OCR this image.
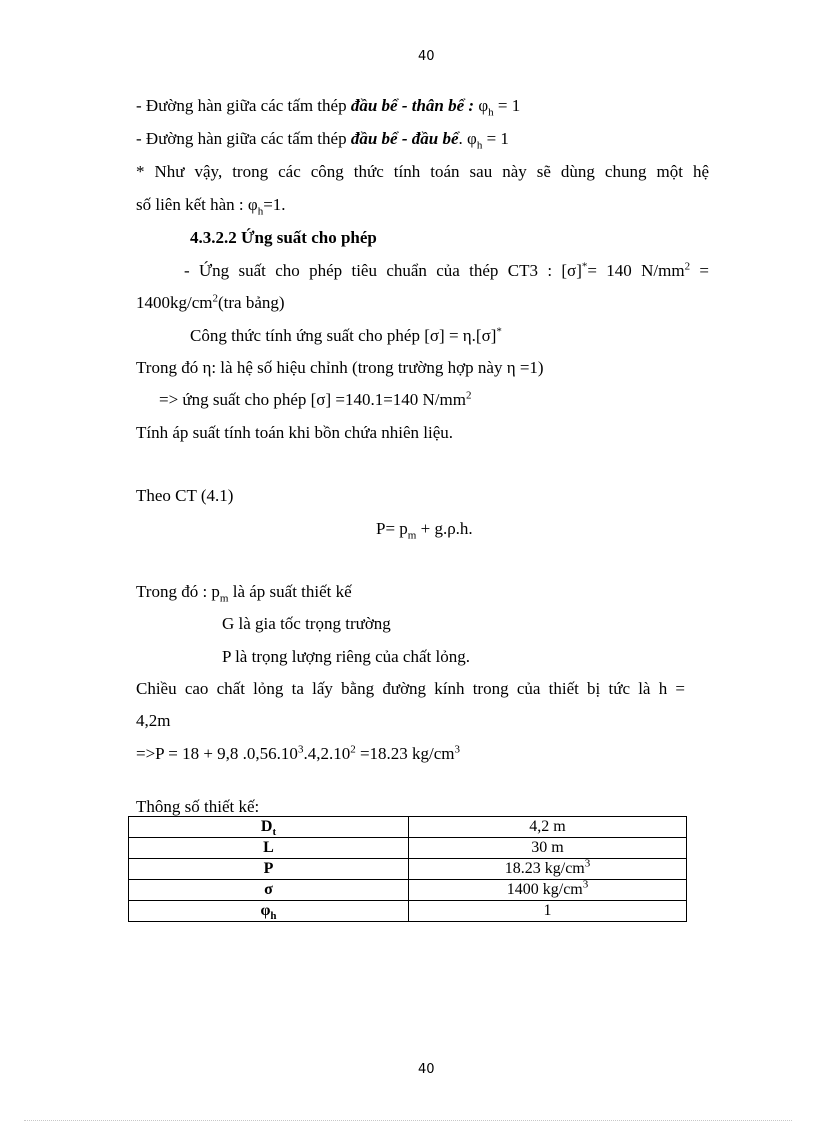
40
- Đường hàn giữa các tấm thép đầu bể - thân bể : $\varphi_h = 1$
- Đường hàn giữa các tấm thép đầu bể - đầu bể. $\varphi_h = 1$
* Như vậy, trong các công thức tính toán sau này sẽ dùng chung một hệ
số liên kết hàn : $\varphi_h=1$.
4.3.2.2 Ứng suất cho phép
- Ứng suất cho phép tiêu chuẩn của thép CT3 : [σ]*= 140 $N/mm^2$ =
$1400kg/cm^2(tra$ bảng)
Công thức tính ứng suất cho phép [σ] = η.[σ]*
Trong đó η: là hệ số hiệu chỉnh (trong trường hợp này η =1)
=> ứng suất cho phép [σ] =140.1=140 $N/mm^2$
Tính áp suất tính toán khi bồn chứa nhiên liệu.
Theo CT (4.1)
$P= p_m + g.\rho.h$.
Trong đó : $p_m$ là áp suất thiết kế
G là gia tốc trọng trường
P là trọng lượng riêng của chất lỏng.
Chiều cao chất lỏng ta lấy bằng đường kính trong của thiết bị tức là h =
4,2m
=>P = 18 + 9,8 $.0,56.10^3.4,2.10^2 =18.23$ $kg/cm^3$
Thông số thiết kế:
$D_t$	4,2 m
L	30 m
P	18.23 $kg/cm^3$
σ	1400 $kg/cm^3$
$\varphi_h$	1
40
